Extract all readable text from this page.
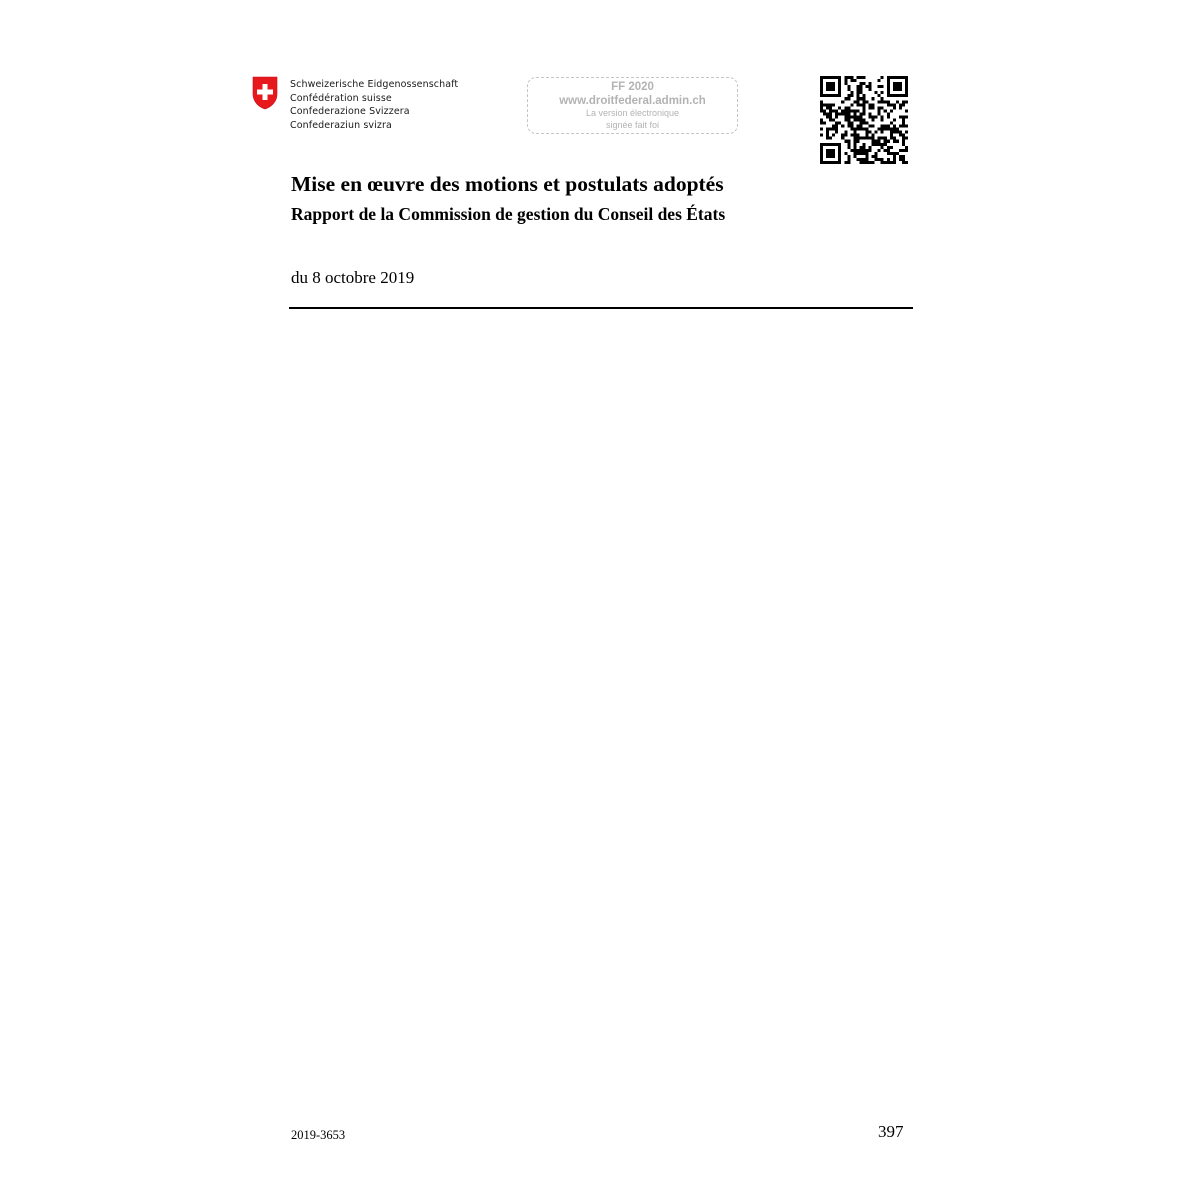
Schweizerische Eidgenossenschaft
Confédération suisse
Confederazione Svizzera
Confederaziun svizra
FF 2020
www.droitfederal.admin.ch
La version électronique
signée fait foi
Mise en œuvre des motions et postulats adoptés
Rapport de la Commission de gestion du Conseil des États
du 8 octobre 2019
2019-3653	397
